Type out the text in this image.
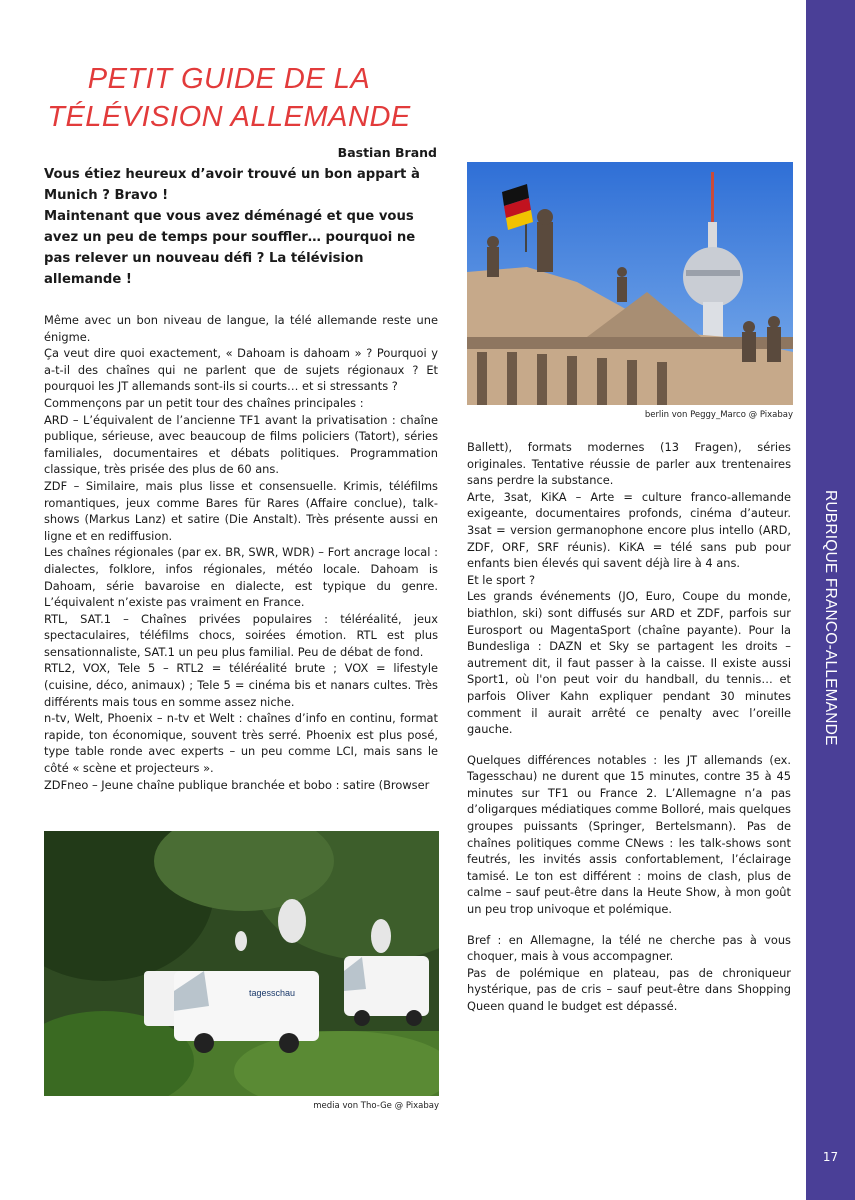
RUBRIQUE FRANCO-ALLEMANDE
17
PETIT GUIDE DE LA
TÉLÉVISION ALLEMANDE
Bastian Brand

Vous étiez heureux d’avoir trouvé un bon appart à Munich ? Bravo !

Maintenant que vous avez déménagé et que vous avez un peu de temps pour souffler… pourquoi ne pas relever un nouveau défi ? La télévision allemande !

berlin von Peggy_Marco @ Pixabay

Même avec un bon niveau de langue, la télé allemande reste une énigme.

Ça veut dire quoi exactement, « Dahoam is dahoam » ? Pourquoi y a-t-il des chaînes qui ne parlent que de sujets régionaux ? Et pourquoi les JT allemands sont-ils si courts… et si stressants ?

Commençons par un petit tour des chaînes principales :

ARD – L’équivalent de l’ancienne TF1 avant la privatisation : chaîne publique, sérieuse, avec beaucoup de films policiers (Tatort), séries familiales, documentaires et débats politiques. Programmation classique, très prisée des plus de 60 ans.

ZDF – Similaire, mais plus lisse et consensuelle. Krimis, téléfilms romantiques, jeux comme Bares für Rares (Affaire conclue), talk-shows (Markus Lanz) et satire (Die Anstalt). Très présente aussi en ligne et en rediffusion.

Les chaînes régionales (par ex. BR, SWR, WDR) – Fort ancrage local : dialectes, folklore, infos régionales, météo locale. Dahoam is Dahoam, série bavaroise en dialecte, est typique du genre. L’équivalent n’existe pas vraiment en France.

RTL, SAT.1 – Chaînes privées populaires : téléréalité, jeux spectaculaires, téléfilms chocs, soirées émotion. RTL est plus sensationnaliste, SAT.1 un peu plus familial. Peu de débat de fond.

RTL2, VOX, Tele 5 – RTL2 = téléréalité brute ; VOX = lifestyle (cuisine, déco, animaux) ; Tele 5 = cinéma bis et nanars cultes. Très différents mais tous en somme assez niche.

n-tv, Welt, Phoenix – n-tv et Welt : chaînes d’info en continu, format rapide, ton économique, souvent très serré. Phoenix est plus posé, type table ronde avec experts – un peu comme LCI, mais sans le côté « scène et projecteurs ».

ZDFneo – Jeune chaîne publique branchée et bobo : satire (Browser

tagesschau
media von Tho-Ge @ Pixabay

Ballett), formats modernes (13 Fragen), séries originales. Tentative réussie de parler aux trentenaires sans perdre la substance.

Arte, 3sat, KiKA – Arte = culture franco-allemande exigeante, documentaires profonds, cinéma d’auteur. 3sat = version germanophone encore plus intello (ARD, ZDF, ORF, SRF réunis). KiKA = télé sans pub pour enfants bien élevés qui savent déjà lire à 4 ans.

Et le sport ?

Les grands événements (JO, Euro, Coupe du monde, biathlon, ski) sont diffusés sur ARD et ZDF, parfois sur Eurosport ou MagentaSport (chaîne payante). Pour la Bundesliga : DAZN et Sky se partagent les droits – autrement dit, il faut passer à la caisse. Il existe aussi Sport1, où l'on peut voir du handball, du tennis… et parfois Oliver Kahn expliquer pendant 30 minutes comment il aurait arrêté ce penalty avec l’oreille gauche.

Quelques différences notables : les JT allemands (ex. Tagesschau) ne durent que 15 minutes, contre 35 à 45 minutes sur TF1 ou France 2. L’Allemagne n’a pas d’oligarques médiatiques comme Bolloré, mais quelques groupes puissants (Springer, Bertelsmann). Pas de chaînes politiques comme CNews : les talk-shows sont feutrés, les invités assis confortablement, l’éclairage tamisé. Le ton est différent : moins de clash, plus de calme – sauf peut-être dans la Heute Show, à mon goût un peu trop univoque et polémique.

Bref : en Allemagne, la télé ne cherche pas à vous choquer, mais à vous accompagner.

Pas de polémique en plateau, pas de chroniqueur hystérique, pas de cris – sauf peut-être dans Shopping Queen quand le budget est dépassé.
